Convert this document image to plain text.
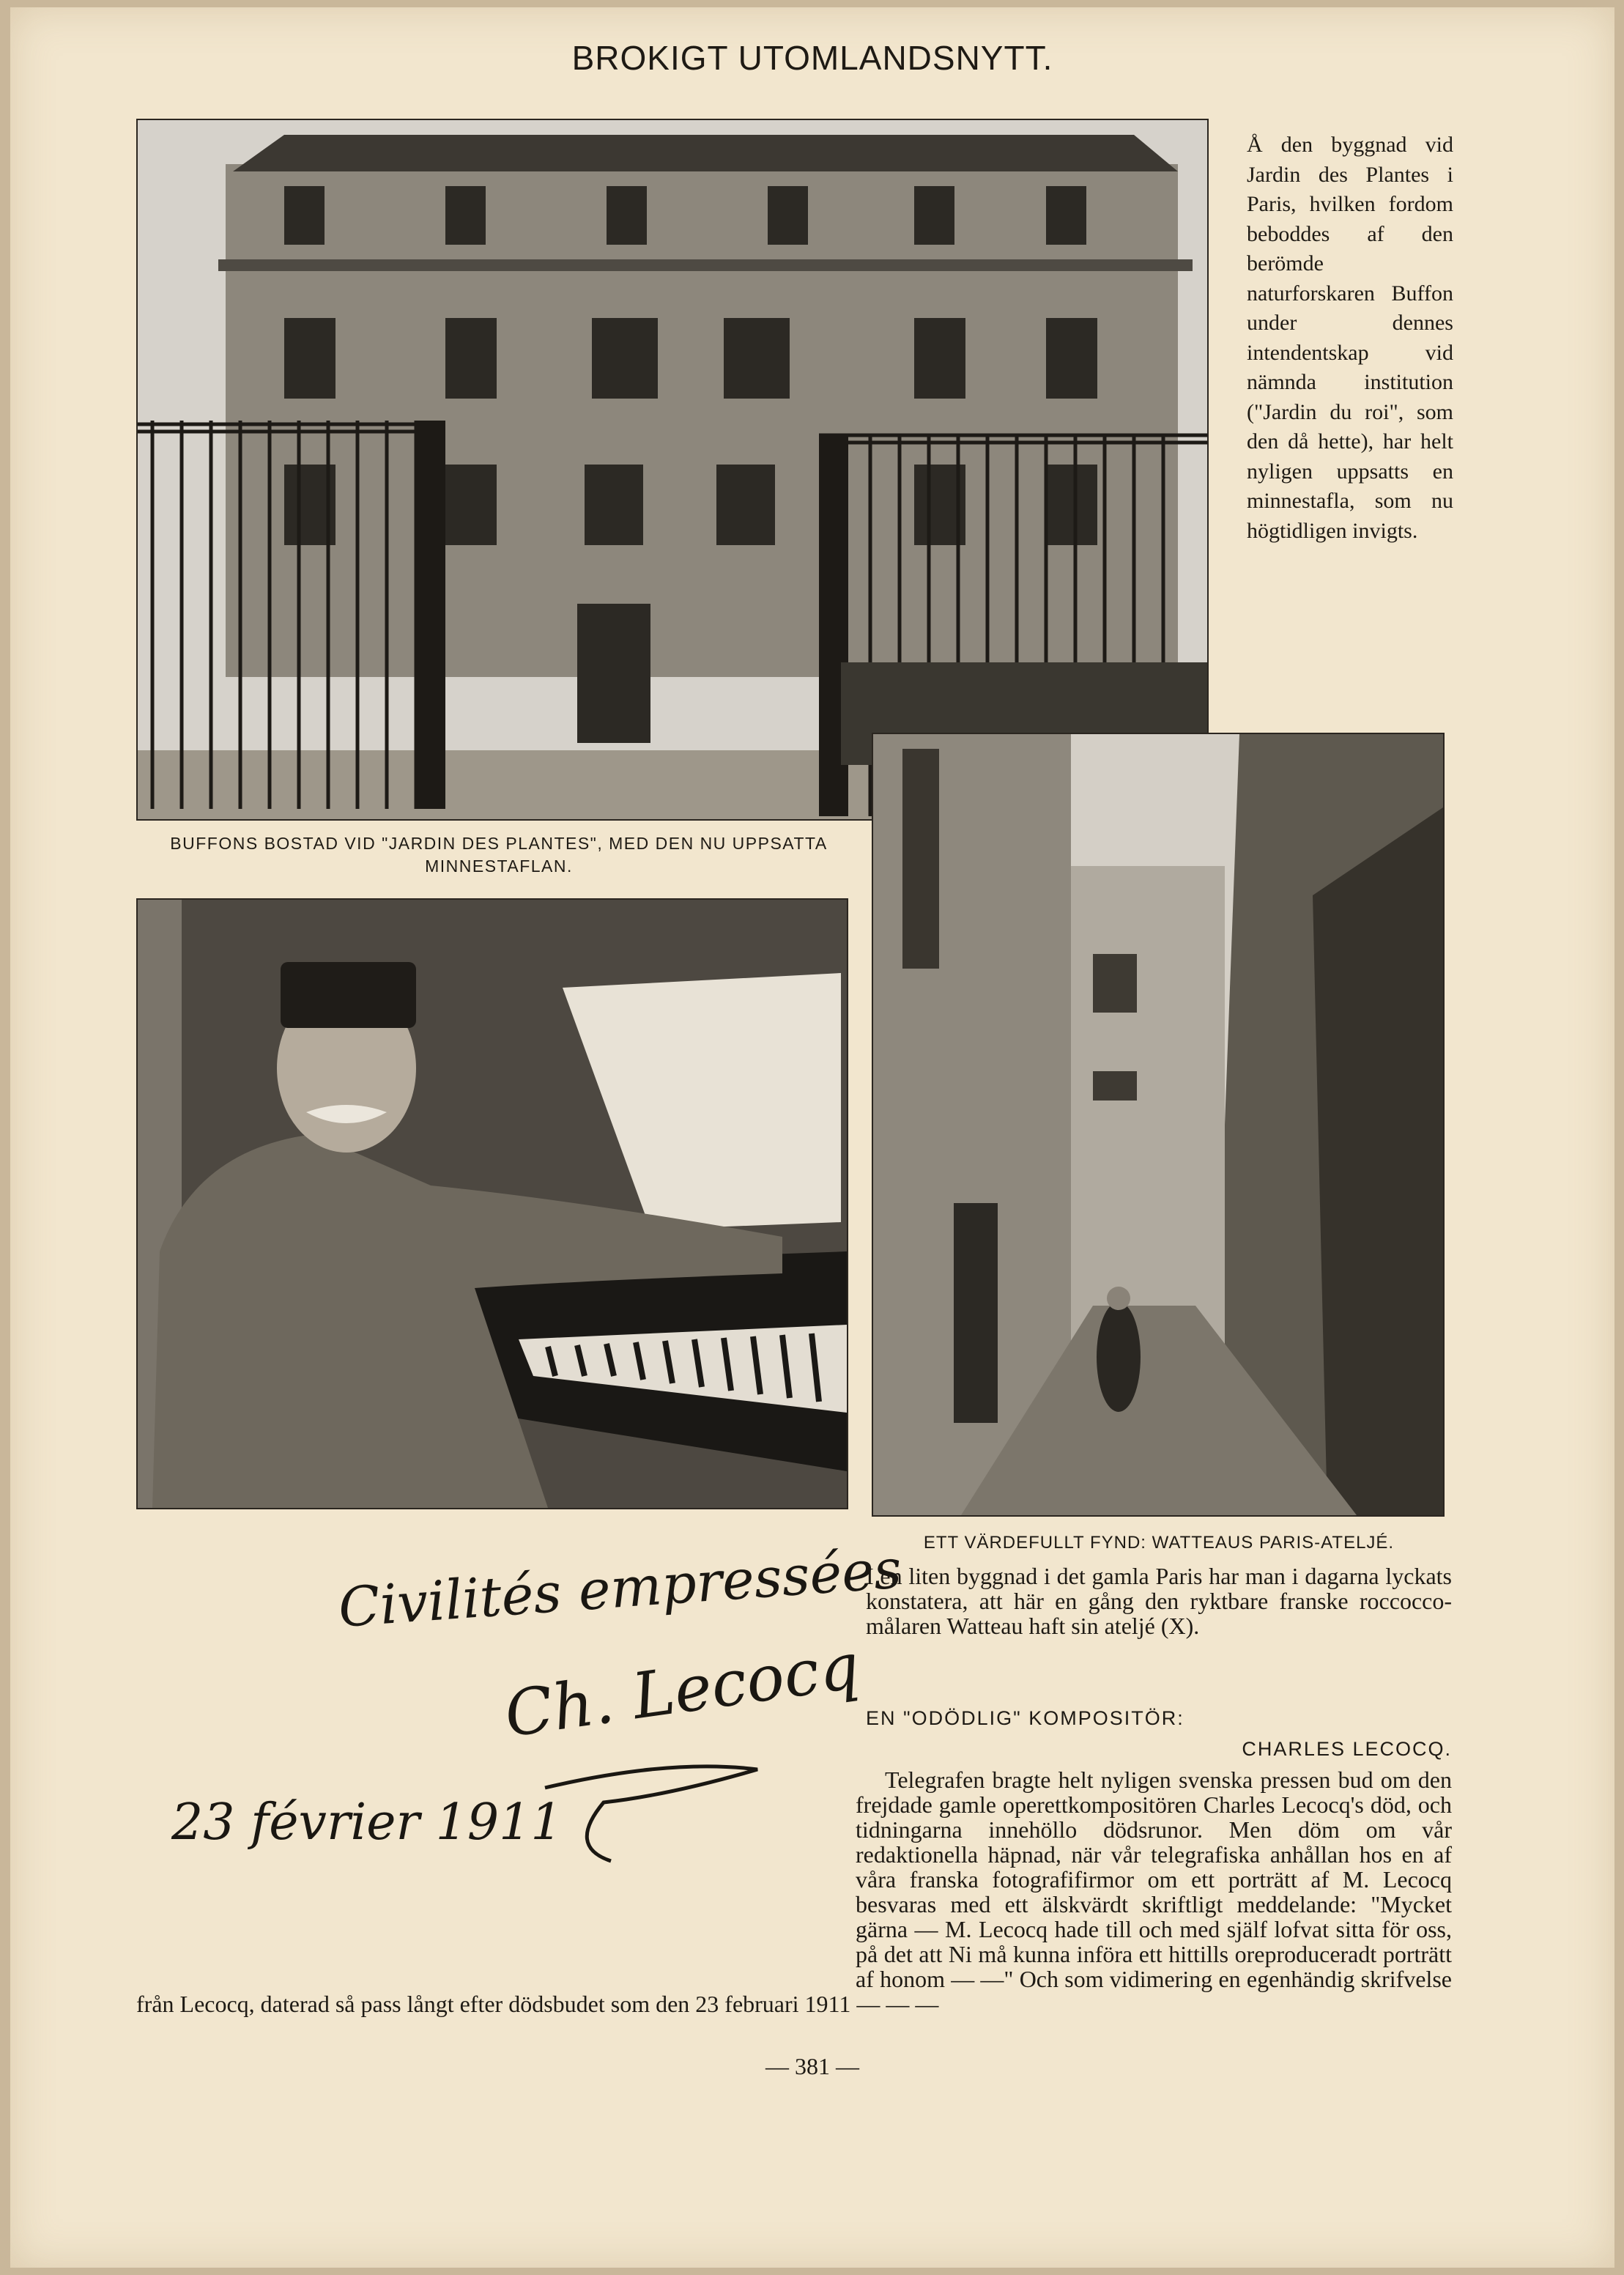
BROKIGT UTOMLANDSNYTT.
Å den byggnad vid Jardin des Plantes i Paris, hvilken fordom beboddes af den berömde naturforskaren Buffon under dennes intendentskap vid nämnda institution ("Jardin du roi", som den då hette), har helt nyligen uppsatts en minnestafla, som nu högtidligen invigts.
BUFFONS BOSTAD VID "JARDIN DES PLANTES", MED DEN NU UPPSATTA MINNESTAFLAN.
ETT VÄRDEFULLT FYND: WATTEAUS PARIS-ATELJÉ.
I en liten byggnad i det gamla Paris har man i dagarna lyckats konstatera, att här en gång den ryktbare franske roccocco-målaren Watteau haft sin ateljé (X).
Civilités empressées
Ch. Lecocq
23 février 1911
EN "ODÖDLIG" KOMPOSITÖR:
CHARLES LECOCQ.
Telegrafen bragte helt nyligen svenska pressen bud om den frejdade gamle operettkompositören Charles Lecocq's död, och tidningarna innehöllo dödsrunor. Men döm om vår redaktionella häpnad, när vår telegrafiska anhållan hos en af våra franska fotografifirmor om ett porträtt af M. Lecocq besvaras med ett älskvärdt skriftligt meddelande: "Mycket gärna — M. Lecocq hade till och med själf lofvat sitta för oss, på det att Ni må kunna införa ett hittills oreproduceradt porträtt af honom — —" Och som vidimering en egenhändig skrifvelse från Lecocq, daterad så pass långt efter dödsbudet som den 23 februari 1911 — — —
— 381 —
